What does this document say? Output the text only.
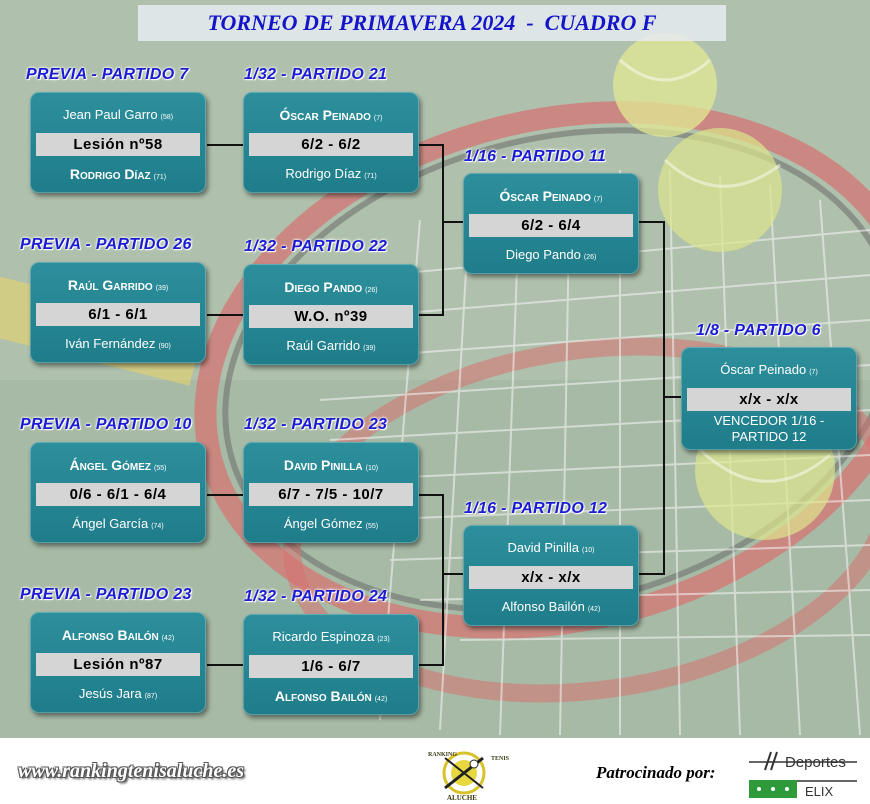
TORNEO DE PRIMAVERA 2024  -  CUADRO F
PREVIA - PARTIDO 7
PREVIA - PARTIDO 26
PREVIA - PARTIDO 10
PREVIA - PARTIDO 23
1/32 - PARTIDO 21
1/32 - PARTIDO 22
1/32 - PARTIDO 23
1/32 - PARTIDO 24
1/16 - PARTIDO 11
1/16 - PARTIDO 12
1/8 - PARTIDO 6
Jean Paul Garro (58)
Lesión nº58
Rodrigo Díaz (71)
Raúl Garrido (39)
6/1 - 6/1
Iván Fernández (90)
Ángel Gómez (55)
0/6 - 6/1 - 6/4
Ángel García (74)
Alfonso Bailón (42)
Lesión nº87
Jesús Jara (87)
Óscar Peinado (7)
6/2 - 6/2
Rodrigo Díaz (71)
Diego Pando (26)
W.O. nº39
Raúl Garrido (39)
David Pinilla (10)
6/7 - 7/5 - 10/7
Ángel Gómez (55)
Ricardo Espinoza (23)
1/6 - 6/7
Alfonso Bailón (42)
Óscar Peinado (7)
6/2 - 6/4
Diego Pando (26)
David Pinilla (10)
x/x - x/x
Alfonso Bailón (42)
Óscar Peinado (7)
x/x - x/x
VENCEDOR 1/16 - PARTIDO 12
www.rankingtenisaluche.es
RANKING
TENIS
ALUCHE
Patrocinado por:
Deportes
ELIX
